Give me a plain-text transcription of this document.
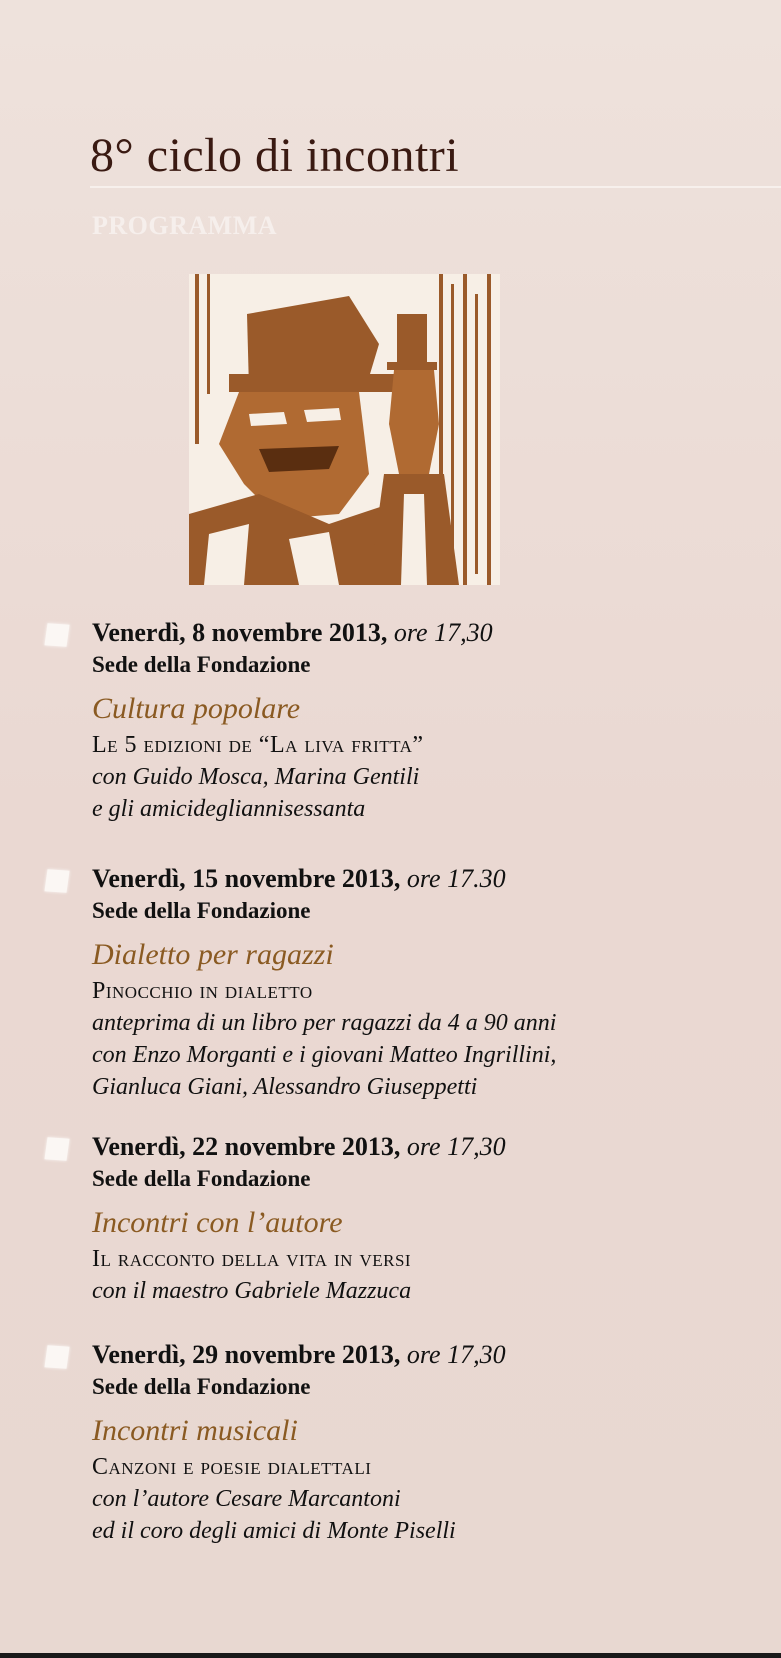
8° ciclo di incontri
PROGRAMMA
Venerdì, 8 novembre 2013, ore 17,30
Sede della Fondazione
Cultura popolare
Le 5 edizioni de “La liva fritta”
con Guido Mosca, Marina Gentili
e gli amicidegliannisessanta
Venerdì, 15 novembre 2013, ore 17.30
Sede della Fondazione
Dialetto per ragazzi
Pinocchio in dialetto
anteprima di un libro per ragazzi da 4 a 90 anni
con Enzo Morganti e i giovani Matteo Ingrillini,
Gianluca Giani, Alessandro Giuseppetti
Venerdì, 22 novembre 2013, ore 17,30
Sede della Fondazione
Incontri con l’autore
Il racconto della vita in versi
con il maestro Gabriele Mazzuca
Venerdì, 29 novembre 2013, ore 17,30
Sede della Fondazione
Incontri musicali
Canzoni e poesie dialettali
con l’autore Cesare Marcantoni
ed il coro degli amici di Monte Piselli
